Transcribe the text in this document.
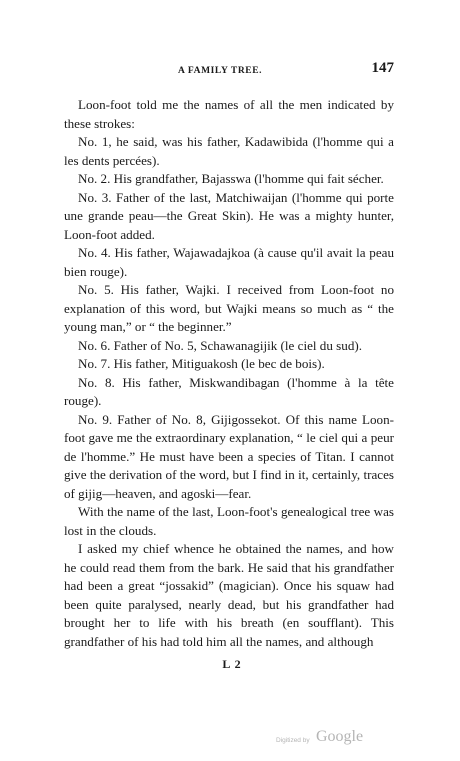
A FAMILY TREE.	147

Loon-foot told me the names of all the men indicated by these strokes:

No. 1, he said, was his father, Kadawibida (l'homme qui a les dents percées).

No. 2. His grandfather, Bajasswa (l'homme qui fait sécher.

No. 3. Father of the last, Matchiwaijan (l'homme qui porte une grande peau—the Great Skin). He was a mighty hunter, Loon-foot added.

No. 4. His father, Wajawadajkoa (à cause qu'il avait la peau bien rouge).

No. 5. His father, Wajki. I received from Loon-foot no explanation of this word, but Wajki means so much as “ the young man,” or “ the beginner.”

No. 6. Father of No. 5, Schawanagijik (le ciel du sud).

No. 7. His father, Mitiguakosh (le bec de bois).

No. 8. His father, Miskwandibagan (l'homme à la tête rouge).

No. 9. Father of No. 8, Gijigossekot. Of this name Loon-foot gave me the extraordinary explanation, “ le ciel qui a peur de l'homme.” He must have been a species of Titan. I cannot give the derivation of the word, but I find in it, certainly, traces of gijig—heaven, and agoski—fear.

With the name of the last, Loon-foot's genealogical tree was lost in the clouds.

I asked my chief whence he obtained the names, and how he could read them from the bark. He said that his grandfather had been a great “jossakid” (magician). Once his squaw had been quite paralysed, nearly dead, but his grandfather had brought her to life with his breath (en soufflant). This grandfather of his had told him all the names, and although

L 2
Digitized by Google
